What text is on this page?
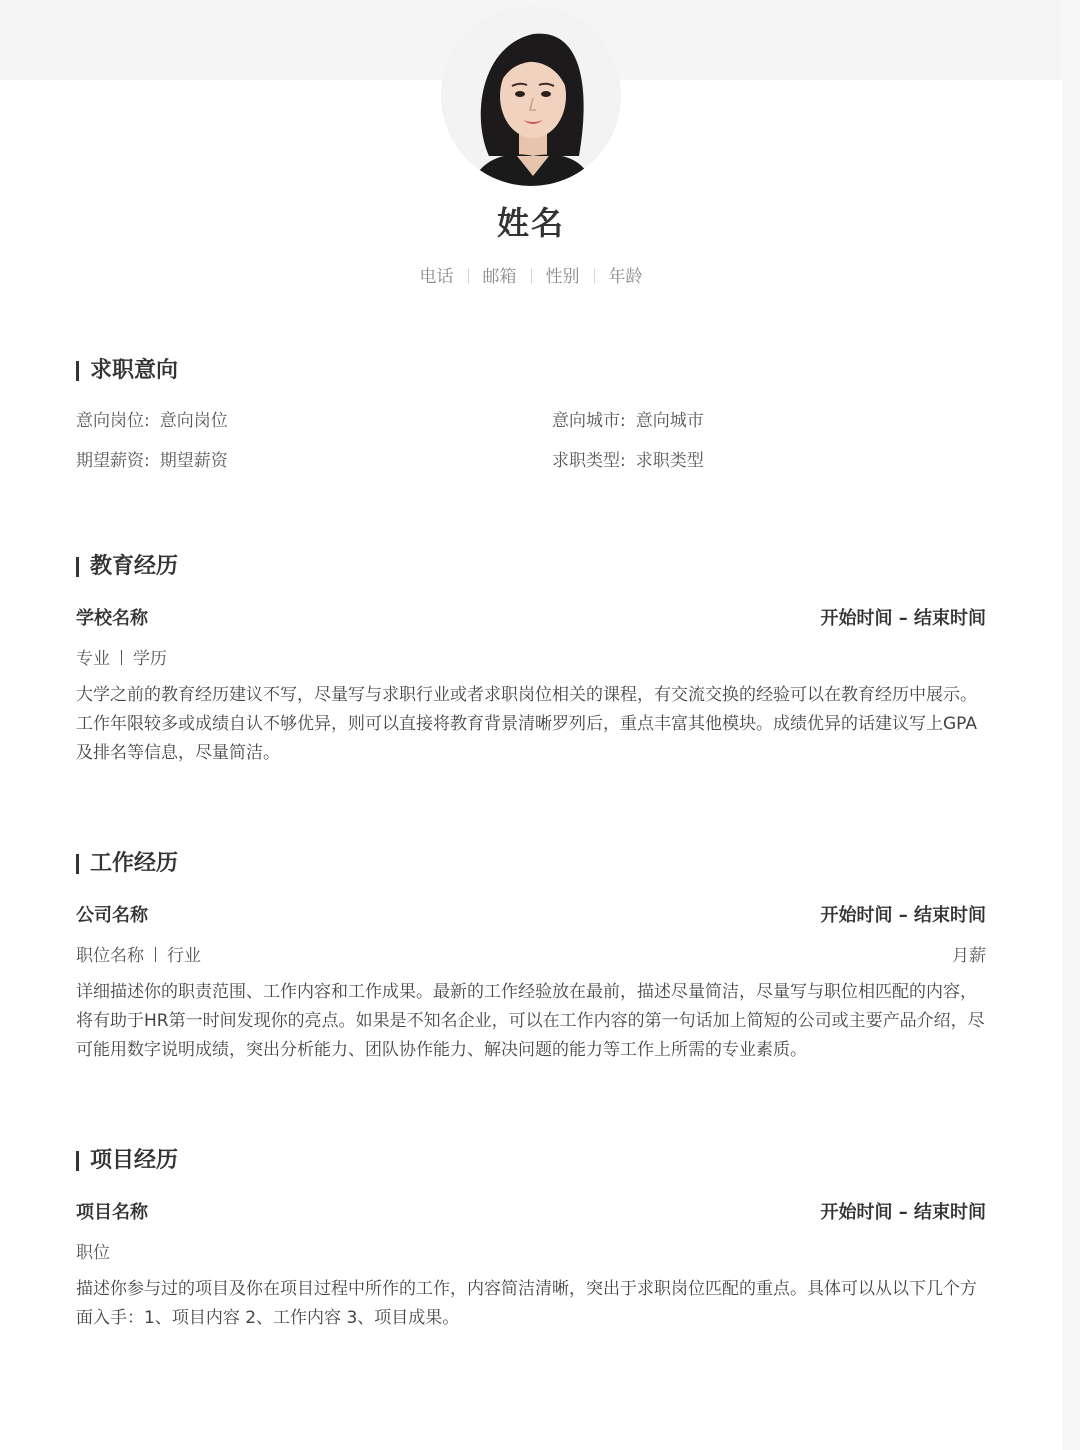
姓名
电话 邮箱 性别 年龄
求职意向
意向岗位: 意向岗位	意向城市: 意向城市
期望薪资: 期望薪资	求职类型: 求职类型
教育经历
学校名称	开始时间 – 结束时间
专业 学历

大学之前的教育经历建议不写，尽量写与求职行业或者求职岗位相关的课程，有交流交换的经验可以在教育经历中展示。工作年限较多或成绩自认不够优异，则可以直接将教育背景清晰罗列后，重点丰富其他模块。成绩优异的话建议写上GPA及排名等信息，尽量简洁。

工作经历
公司名称	开始时间 – 结束时间
职位名称 行业	月薪

详细描述你的职责范围、工作内容和工作成果。最新的工作经验放在最前，描述尽量简洁，尽量写与职位相匹配的内容，将有助于HR第一时间发现你的亮点。如果是不知名企业，可以在工作内容的第一句话加上简短的公司或主要产品介绍，尽可能用数字说明成绩，突出分析能力、团队协作能力、解决问题的能力等工作上所需的专业素质。

项目经历
项目名称	开始时间 – 结束时间
职位

描述你参与过的项目及你在项目过程中所作的工作，内容简洁清晰，突出于求职岗位匹配的重点。具体可以从以下几个方面入手：1、项目内容 2、工作内容 3、项目成果。
